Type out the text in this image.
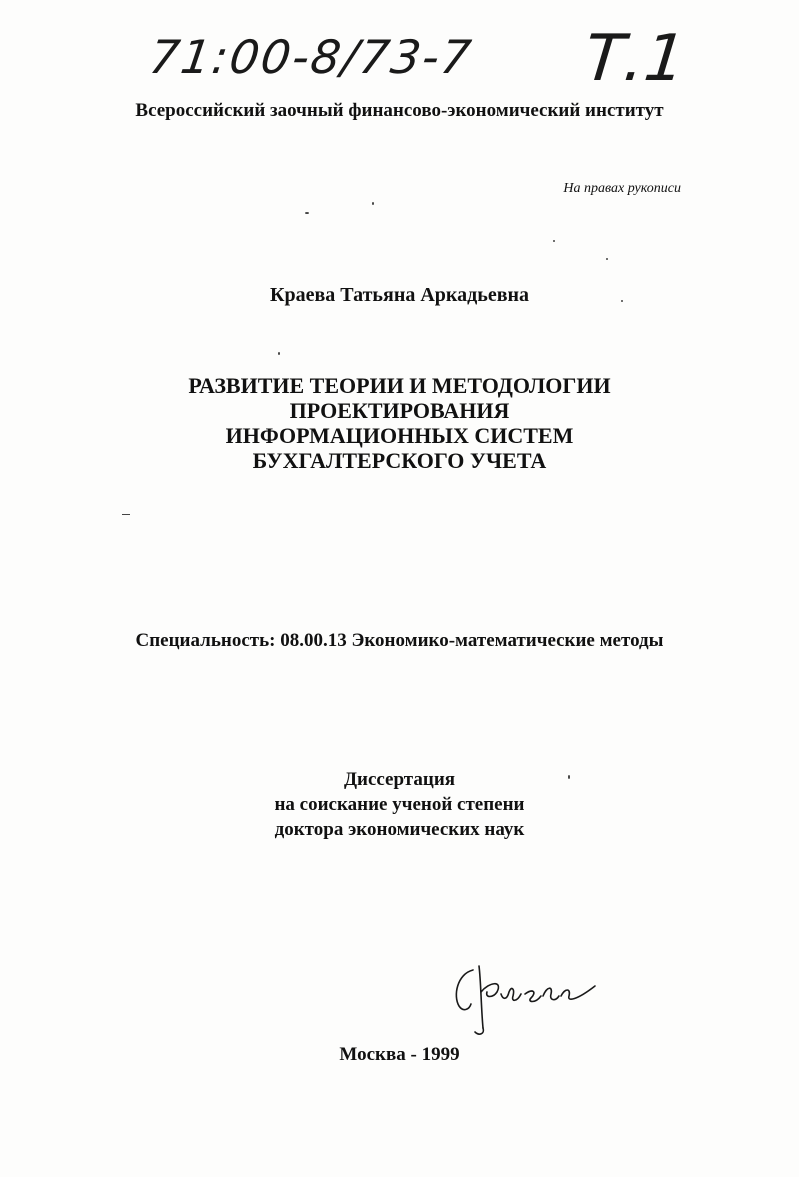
71:00-8/73-7 Т.1
Всероссийский заочный финансово-экономический институт
На правах рукописи
Краева Татьяна Аркадьевна
РАЗВИТИЕ ТЕОРИИ И МЕТОДОЛОГИИ
ПРОЕКТИРОВАНИЯ
ИНФОРМАЦИОННЫХ СИСТЕМ
БУХГАЛТЕРСКОГО УЧЕТА
Специальность: 08.00.13 Экономико-математические методы
Диссертация
на соискание ученой степени
доктора экономических наук
Москва - 1999
